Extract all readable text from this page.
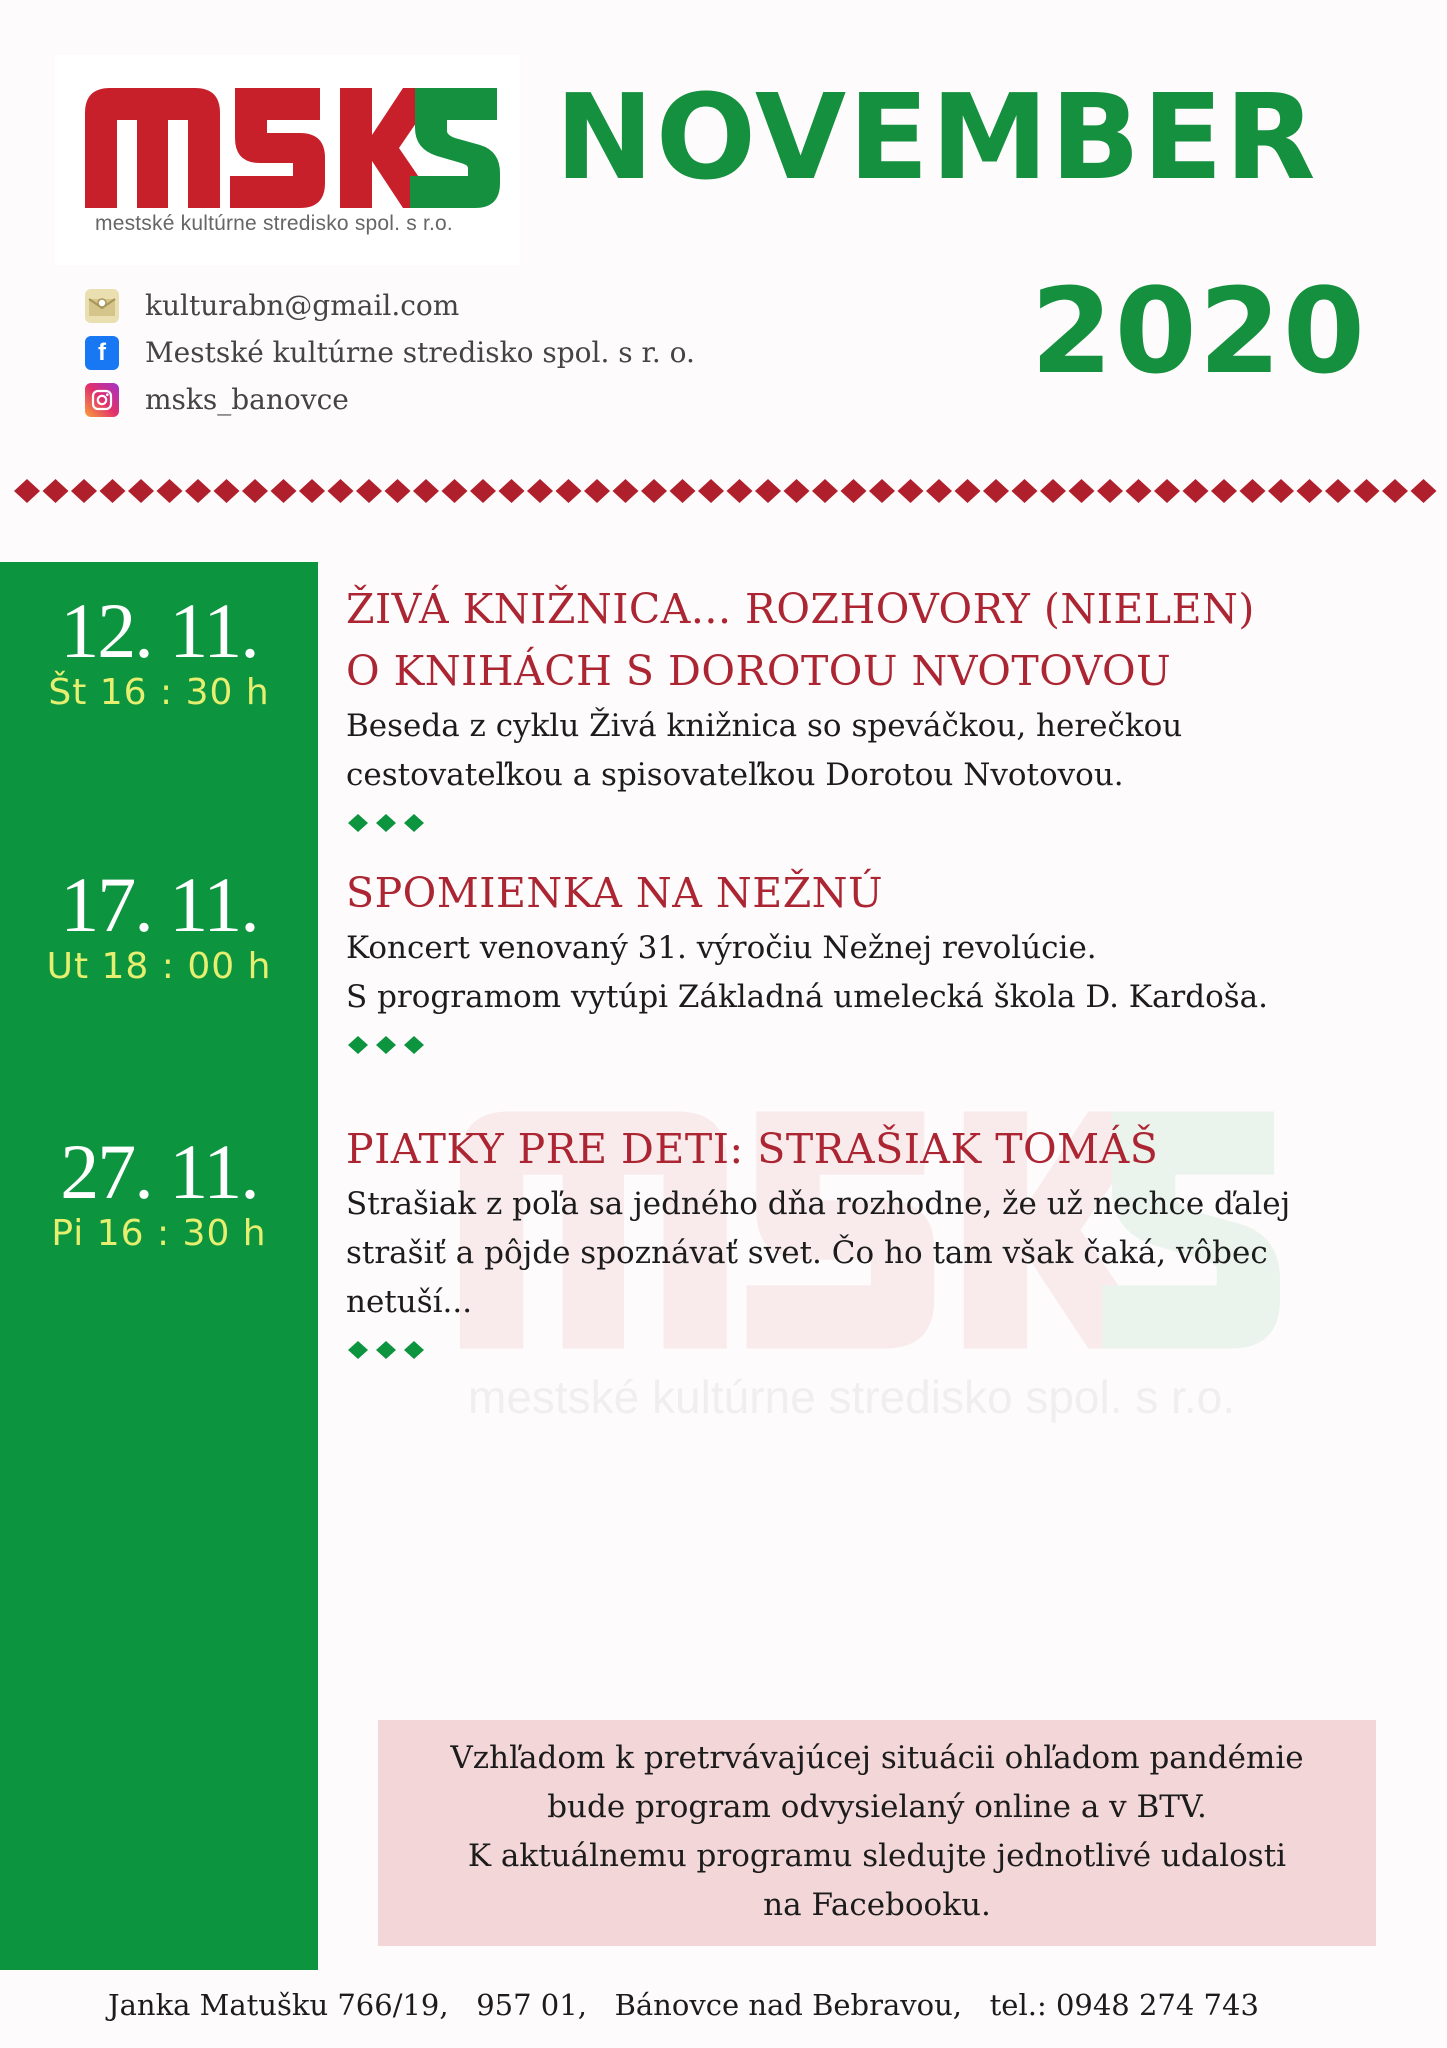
mestské kultúrne stredisko spol. s r.o.
NOVEMBER
2020
kulturabn@gmail.com
f	Mestské kultúrne stredisko spol. s r. o.
msks_banovce
mestské kultúrne stredisko spol. s r.o.
12. 11.
Št 16 : 30 h
ŽIVÁ KNIŽNICA... ROZHOVORY (NIELEN)
O KNIHÁCH S DOROTOU NVOTOVOU
Beseda z cyklu Živá knižnica so speváčkou, herečkou
cestovateľkou a spisovateľkou Dorotou Nvotovou.
17. 11.
Ut 18 : 00 h
SPOMIENKA NA NEŽNÚ
Koncert venovaný 31. výročiu Nežnej revolúcie.
S programom vytúpi Základná umelecká škola D. Kardoša.
27. 11.
Pi 16 : 30 h
PIATKY PRE DETI: STRAŠIAK TOMÁŠ
Strašiak z poľa sa jedného dňa rozhodne, že už nechce ďalej
strašiť a pôjde spoznávať svet. Čo ho tam však čaká, vôbec
netuší...
Vzhľadom k pretrvávajúcej situácii ohľadom pandémie
bude program odvysielaný online a v BTV.
K aktuálnemu programu sledujte jednotlivé udalosti
na Facebooku.
Janka Matušku 766/19,   957 01,   Bánovce nad Bebravou,   tel.: 0948 274 743
